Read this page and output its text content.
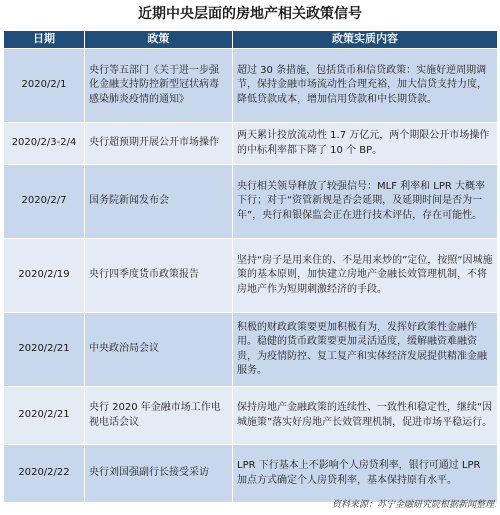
近期中央层面的房地产相关政策信号
日期	政策	政策实质内容
2020/2/1	央行等五部门《关于进一步强化金融支持防控新型冠状病毒感染肺炎疫情的通知》	超过 30 条措施，包括货币和信贷政策：实施好逆周期调节，保持金融市场流动性合理充裕，加大信贷支持力度，降低贷款成本，增加信用贷款和中长期贷款。
2020/2/3-2/4	央行超预期开展公开市场操作	两天累计投放流动性 1.7 万亿元，两个期限公开市场操作的中标利率都下降了 10 个 BP。
2020/2/7	国务院新闻发布会	央行相关领导释放了较强信号：MLF 利率和 LPR 大概率下行；对于“资管新规是否会延期，及延期时间是否为一年”，央行和银保监会正在进行技术评估，存在可能性。
2020/2/19	央行四季度货币政策报告	坚持“房子是用来住的、不是用来炒的”定位，按照“因城施策的基本原则，加快建立房地产金融长效管理机制，不将房地产作为短期刺激经济的手段。
2020/2/21	中央政治局会议	积极的财政政策要更加积极有为，发挥好政策性金融作用。稳健的货币政策要更加灵活适度，缓解融资难融资贵，为疫情防控、复工复产和实体经济发展提供精准金融服务。
2020/2/21	央行 2020 年金融市场工作电视电话会议	保持房地产金融政策的连续性、一致性和稳定性，继续“因城施策”落实好房地产长效管理机制，促进市场平稳运行。
2020/2/22	央行刘国强副行长接受采访	LPR 下行基本上不影响个人房贷利率，银行可通过 LPR 加点方式确定个人房贷利率，基本保持原有水平。
资料来源：苏宁金融研究院根据新闻整理
